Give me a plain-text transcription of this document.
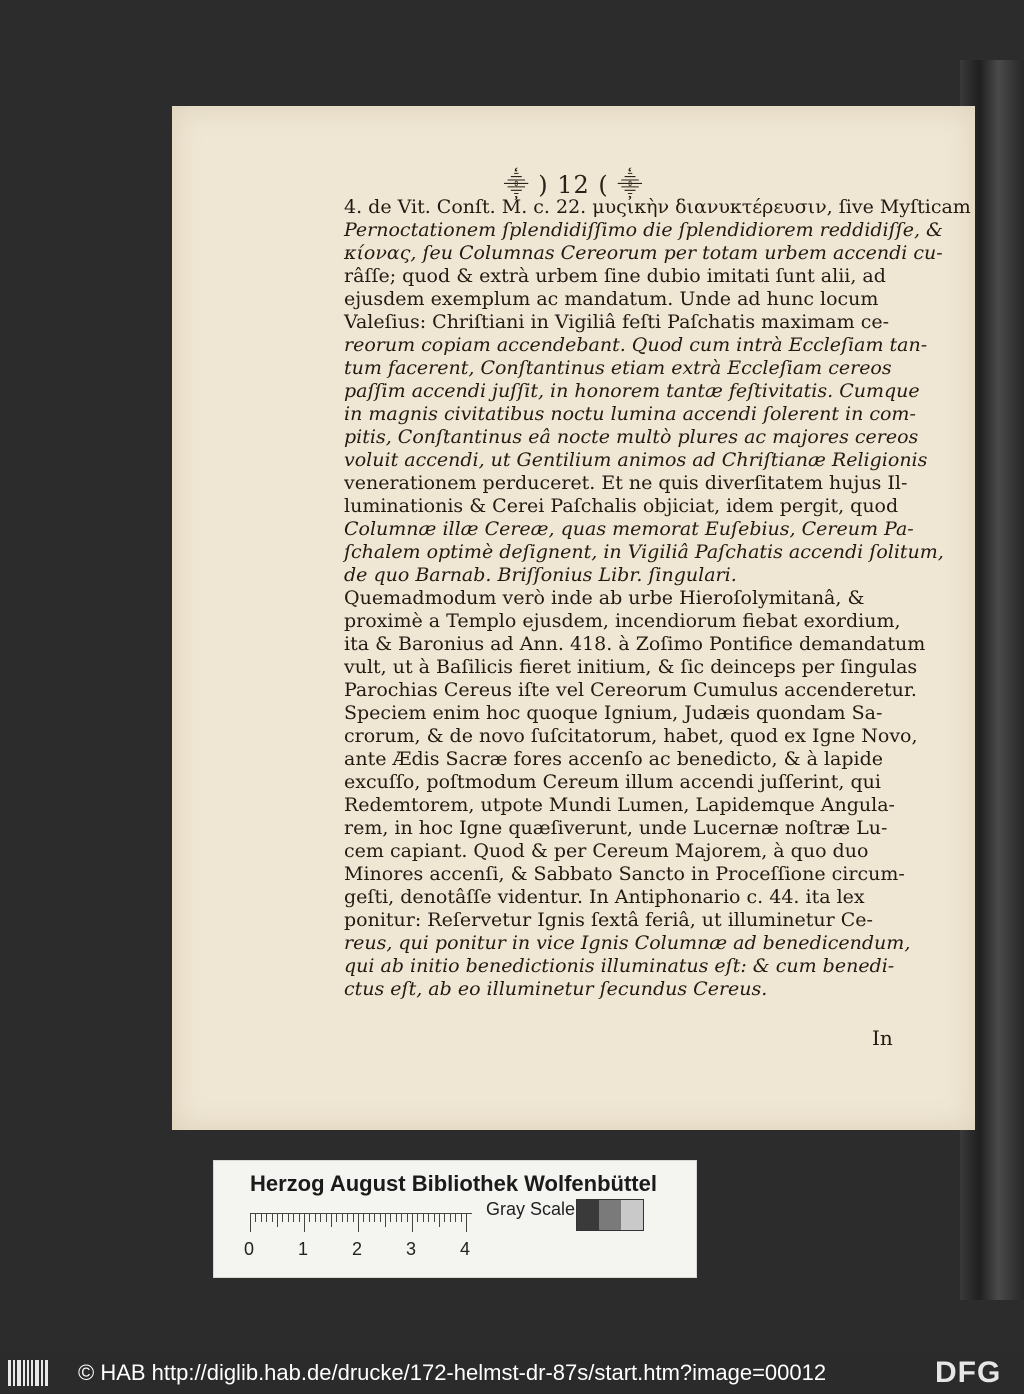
⸎ ) 12 ( ⸎
4. de Vit. Conſt. M. c. 22. μυςικὴν διανυκτέρευσιν, ſive Myſticam
Pernoctationem ſplendidiſſimo die ſplendidiorem reddidiſſe, &
κίονας, ſeu Columnas Cereorum per totam urbem accendi cu-
râſſe; quod & extrà urbem ſine dubio imitati ſunt alii, ad
ejusdem exemplum ac mandatum. Unde ad hunc locum
Valeſius: Chriſtiani in Vigiliâ feſti Paſchatis maximam ce-
reorum copiam accendebant. Quod cum intrà Eccleſiam tan-
tum facerent, Conſtantinus etiam extrà Eccleſiam cereos
paſſim accendi juſſit, in honorem tantæ feſtivitatis. Cumque
in magnis civitatibus noctu lumina accendi ſolerent in com-
pitis, Conſtantinus eâ nocte multò plures ac majores cereos
voluit accendi, ut Gentilium animos ad Chriſtianæ Religionis
venerationem perduceret. Et ne quis diverſitatem hujus Il-
luminationis & Cerei Paſchalis objiciat, idem pergit, quod
Columnæ illæ Cereæ, quas memorat Euſebius, Cereum Pa-
ſchalem optimè deſignent, in Vigiliâ Paſchatis accendi ſolitum,
de quo Barnab. Briſſonius Libr. ſingulari.
Quemadmodum verò inde ab urbe Hieroſolymitanâ, &
proximè a Templo ejusdem, incendiorum fiebat exordium,
ita & Baronius ad Ann. 418. à Zoſimo Pontifice demandatum
vult, ut à Baſilicis fieret initium, & ſic deinceps per ſingulas
Parochias Cereus iſte vel Cereorum Cumulus accenderetur.
Speciem enim hoc quoque Ignium, Judæis quondam Sa-
crorum, & de novo ſuſcitatorum, habet, quod ex Igne Novo,
ante Ædis Sacræ fores accenſo ac benedicto, & à lapide
excuſſo, poſtmodum Cereum illum accendi juſſerint, qui
Redemtorem, utpote Mundi Lumen, Lapidemque Angula-
rem, in hoc Igne quæſiverunt, unde Lucernæ noſtræ Lu-
cem capiant. Quod & per Cereum Majorem, à quo duo
Minores accenſi, & Sabbato Sancto in Proceſſione circum-
geſti, denotâſſe videntur. In Antiphonario c. 44. ita lex
ponitur: Reſervetur Ignis ſextâ feriâ, ut illuminetur Ce-
reus, qui ponitur in vice Ignis Columnæ ad benedicendum,
qui ab initio benedictionis illuminatus eſt: & cum benedi-
ctus eſt, ab eo illuminetur ſecundus Cereus.
In
Herzog August Bibliothek Wolfenbüttel
0 1 2 3 4
Gray Scale
© HAB http://diglib.hab.de/drucke/172-helmst-dr-87s/start.htm?image=00012	DFG
